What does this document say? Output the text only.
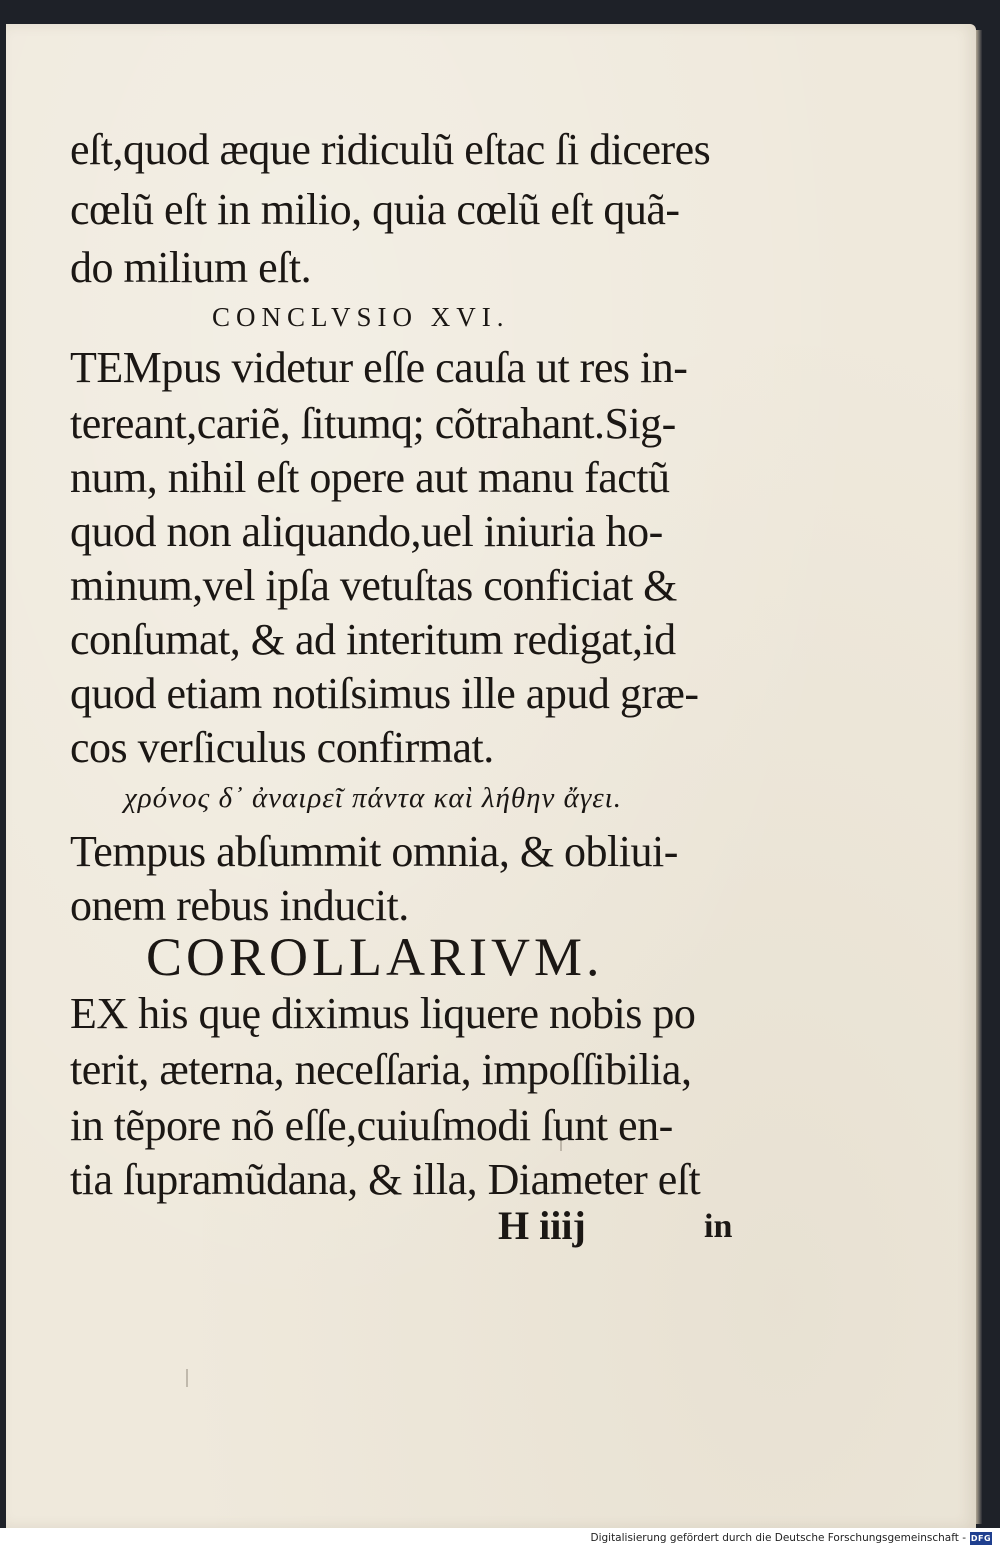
eſt,quod æque ridiculũ eſtac ſi diceres
cœlũ eſt in milio, quia cœlũ eſt quã-
do milium eſt.
CONCLVSIO XVI.
TEMpus videtur eſſe cauſa ut res in-
tereant,cariẽ, ſitumq; cõtrahant.Sig-
num, nihil eſt opere aut manu factũ
quod non aliquando,uel iniuria ho-
minum,vel ipſa vetuſtas conficiat &
conſumat, & ad interitum redigat,id
quod etiam notiſsimus ille apud græ-
cos verſiculus confirmat.
χρόνος δ᾽ ἀναιρεῖ πάντα καὶ λήθην ἄγει.
Tempus abſummit omnia, & obliui-
onem rebus inducit.
COROLLARIVM.
EX his quę diximus liquere nobis po
terit, æterna, neceſſaria, impoſſibilia,
in tẽpore nõ eſſe,cuiuſmodi ſunt en-
tia ſupramũdana, & illa, Diameter eſt
H iiij	in
Digitalisierung gefördert durch die Deutsche Forschungsgemeinschaft - DFG
